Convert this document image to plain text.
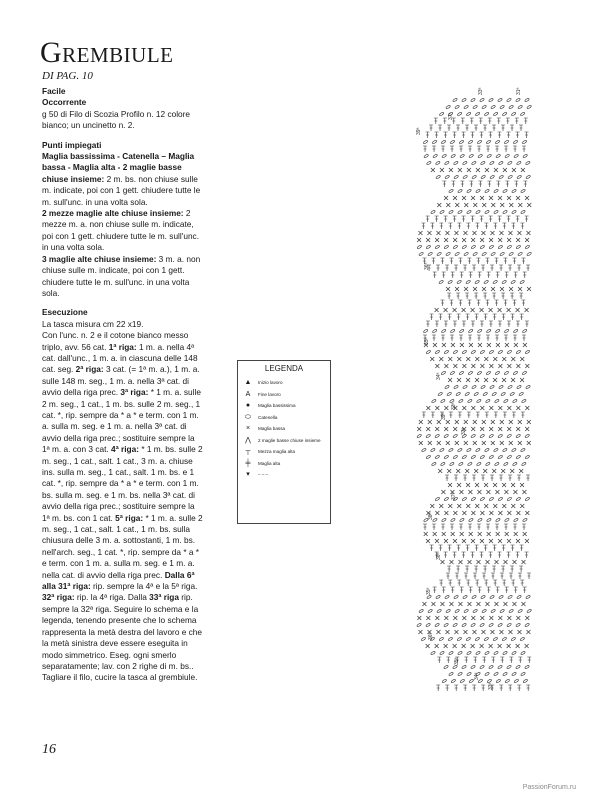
GREMBIULE
DI PAG. 10
Facile
Occorrente

g 50 di Filo di Scozia Profilo n. 12 colore bianco; un uncinetto n. 2.

Punti impiegati

Maglia bassissima - Catenella – Maglia bassa - Maglia alta - 2 maglie basse chiuse insieme: 2 m. bs. non chiuse sulle m. indicate, poi con 1 gett. chiudere tutte le m. sull'unc. in una volta sola.

2 mezze maglie alte chiuse insieme: 2 mezze m. a. non chiuse sulle m. indicate, poi con 1 gett. chiudere tutte le m. sull'unc. in una volta sola.

3 maglie alte chiuse insieme: 3 m. a. non chiuse sulle m. indicate, poi con 1 gett. chiudere tutte le m. sull'unc. in una volta sola.

Esecuzione

La tasca misura cm 22 x19.

Con l'unc. n. 2 e il cotone bianco messo triplo, avv. 56 cat. 1ª riga: 1 m. a. nella 4ª cat. dall'unc., 1 m. a. in ciascuna delle 148 cat. seg. 2ª riga: 3 cat. (= 1ª m. a.), 1 m. a. sulle 148 m. seg., 1 m. a. nella 3ª cat. di avvio della riga prec. 3ª riga: * 1 m. a. sulle 2 m. seg., 1 cat., 1 m. bs. sulle 2 m. seg., 1 cat. *, rip. sempre da * a * e term. con 1 m. a. sulla m. seg. e 1 m. a. nella 3ª cat. di avvio della riga prec.; sostituire sempre la 1ª m. a. con 3 cat. 4ª riga: * 1 m. bs. sulle 2 m. seg., 1 cat., salt. 1 cat., 3 m. a. chiuse ins. sulla m. seg., 1 cat., salt. 1 m. bs. e 1 cat. *, rip. sempre da * a * e term. con 1 m. bs. sulla m. seg. e 1 m. bs. nella 3ª cat. di avvio della riga prec.; sostituire sempre la 1ª m. bs. con 1 cat. 5ª riga: * 1 m. a. sulle 2 m. seg., 1 cat., salt. 1 cat., 1 m. bs. sulla chiusura delle 3 m. a. sottostanti, 1 m. bs. nell'arch. seg., 1 cat. *, rip. sempre da * a * e term. con 1 m. a. sulla m. seg. e 1 m. a. nella cat. di avvio della riga prec. Dalla 6ª alla 31ª riga: rip. sempre la 4ª e la 5ª riga. 32ª riga: rip. la 4ª riga. Dalla 33ª riga rip. sempre la 32ª riga. Seguire lo schema e la legenda, tenendo presente che lo schema rappresenta la metà destra del lavoro e che la metà sinistra deve essere eseguita in modo simmetrico. Eseg. ogni smerlo separatamente; lav. con 2 righe di m. bs.. Tagliare il filo, cucire la tasca al grembiule.

LEGENDA
▲	Inizio lavoro
A	Fine lavoro
●	Maglia bassissima
⬭	Catenella
×	Maglia bassa
⋀	2 maglie basse chiuse insieme
┬	Mezza maglia alta
╪	Maglia alta
▾	– – –
33ª	31ª
37ª
36ª
39ª
35ª
34ª
33ª
32ª
38ª
37ª
36ª
35ª
39ª
36ª
35ª
34ª
33ª
16
PassionForum.ru
